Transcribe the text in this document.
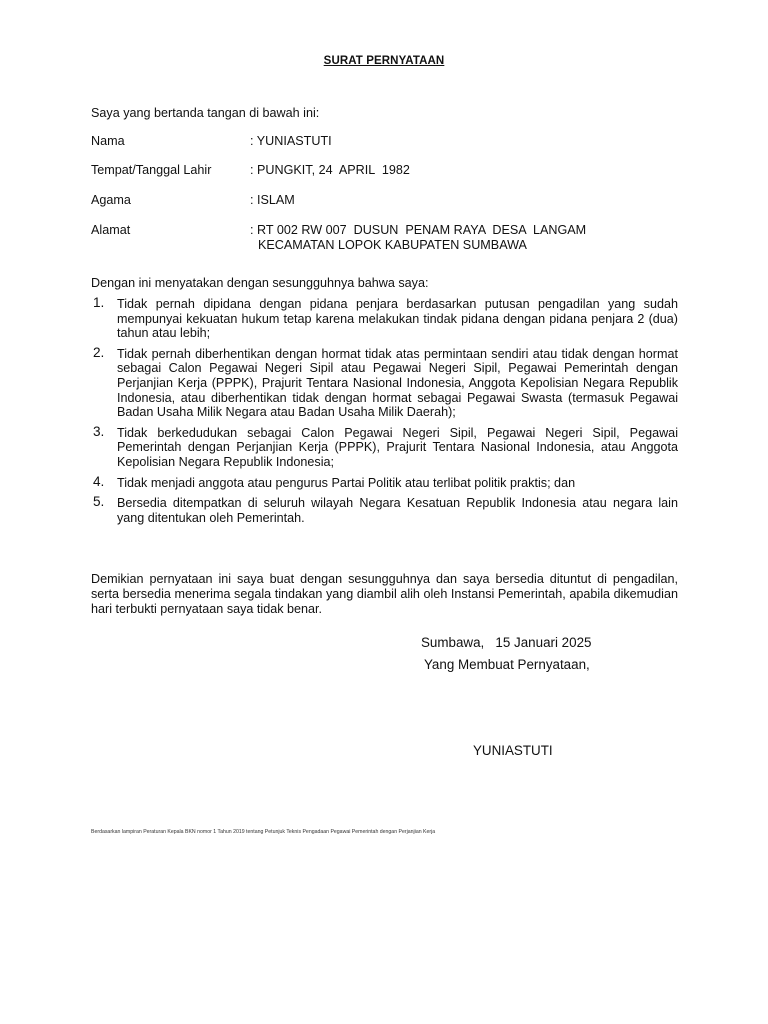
SURAT PERNYATAAN
Saya yang bertanda tangan di bawah ini:
Nama	: YUNIASTUTI
Tempat/Tanggal Lahir	: PUNGKIT, 24  APRIL  1982
Agama	: ISLAM
Alamat	: RT 002 RW 007  DUSUN  PENAM RAYA  DESA  LANGAM
KECAMATAN LOPOK KABUPATEN SUMBAWA
Dengan ini menyatakan dengan sesungguhnya bahwa saya:
1. Tidak pernah dipidana dengan pidana penjara berdasarkan putusan pengadilan yang sudah mempunyai kekuatan hukum tetap karena melakukan tindak pidana dengan pidana penjara 2 (dua) tahun atau lebih;
2. Tidak pernah diberhentikan dengan hormat tidak atas permintaan sendiri atau tidak dengan hormat sebagai Calon Pegawai Negeri Sipil atau Pegawai Negeri Sipil, Pegawai Pemerintah dengan Perjanjian Kerja (PPPK), Prajurit Tentara Nasional Indonesia, Anggota Kepolisian Negara Republik Indonesia, atau diberhentikan tidak dengan hormat sebagai Pegawai Swasta (termasuk Pegawai Badan Usaha Milik Negara atau Badan Usaha Milik Daerah);
3. Tidak berkedudukan sebagai Calon Pegawai Negeri Sipil, Pegawai Negeri Sipil, Pegawai Pemerintah dengan Perjanjian Kerja (PPPK), Prajurit Tentara Nasional Indonesia, atau Anggota Kepolisian Negara Republik Indonesia;
4. Tidak menjadi anggota atau pengurus Partai Politik atau terlibat politik praktis; dan
5. Bersedia ditempatkan di seluruh wilayah Negara Kesatuan Republik Indonesia atau negara lain yang ditentukan oleh Pemerintah.
Demikian pernyataan ini saya buat dengan sesungguhnya dan saya bersedia dituntut di pengadilan, serta bersedia menerima segala tindakan yang diambil alih oleh Instansi Pemerintah, apabila dikemudian hari terbukti pernyataan saya tidak benar.
Sumbawa,   15 Januari 2025
Yang Membuat Pernyataan,
YUNIASTUTI
Berdasarkan lampiran Peraturan Kepala BKN nomor 1 Tahun 2019 tentang Petunjuk Teknis Pengadaan Pegawai Pemerintah dengan Perjanjian Kerja
